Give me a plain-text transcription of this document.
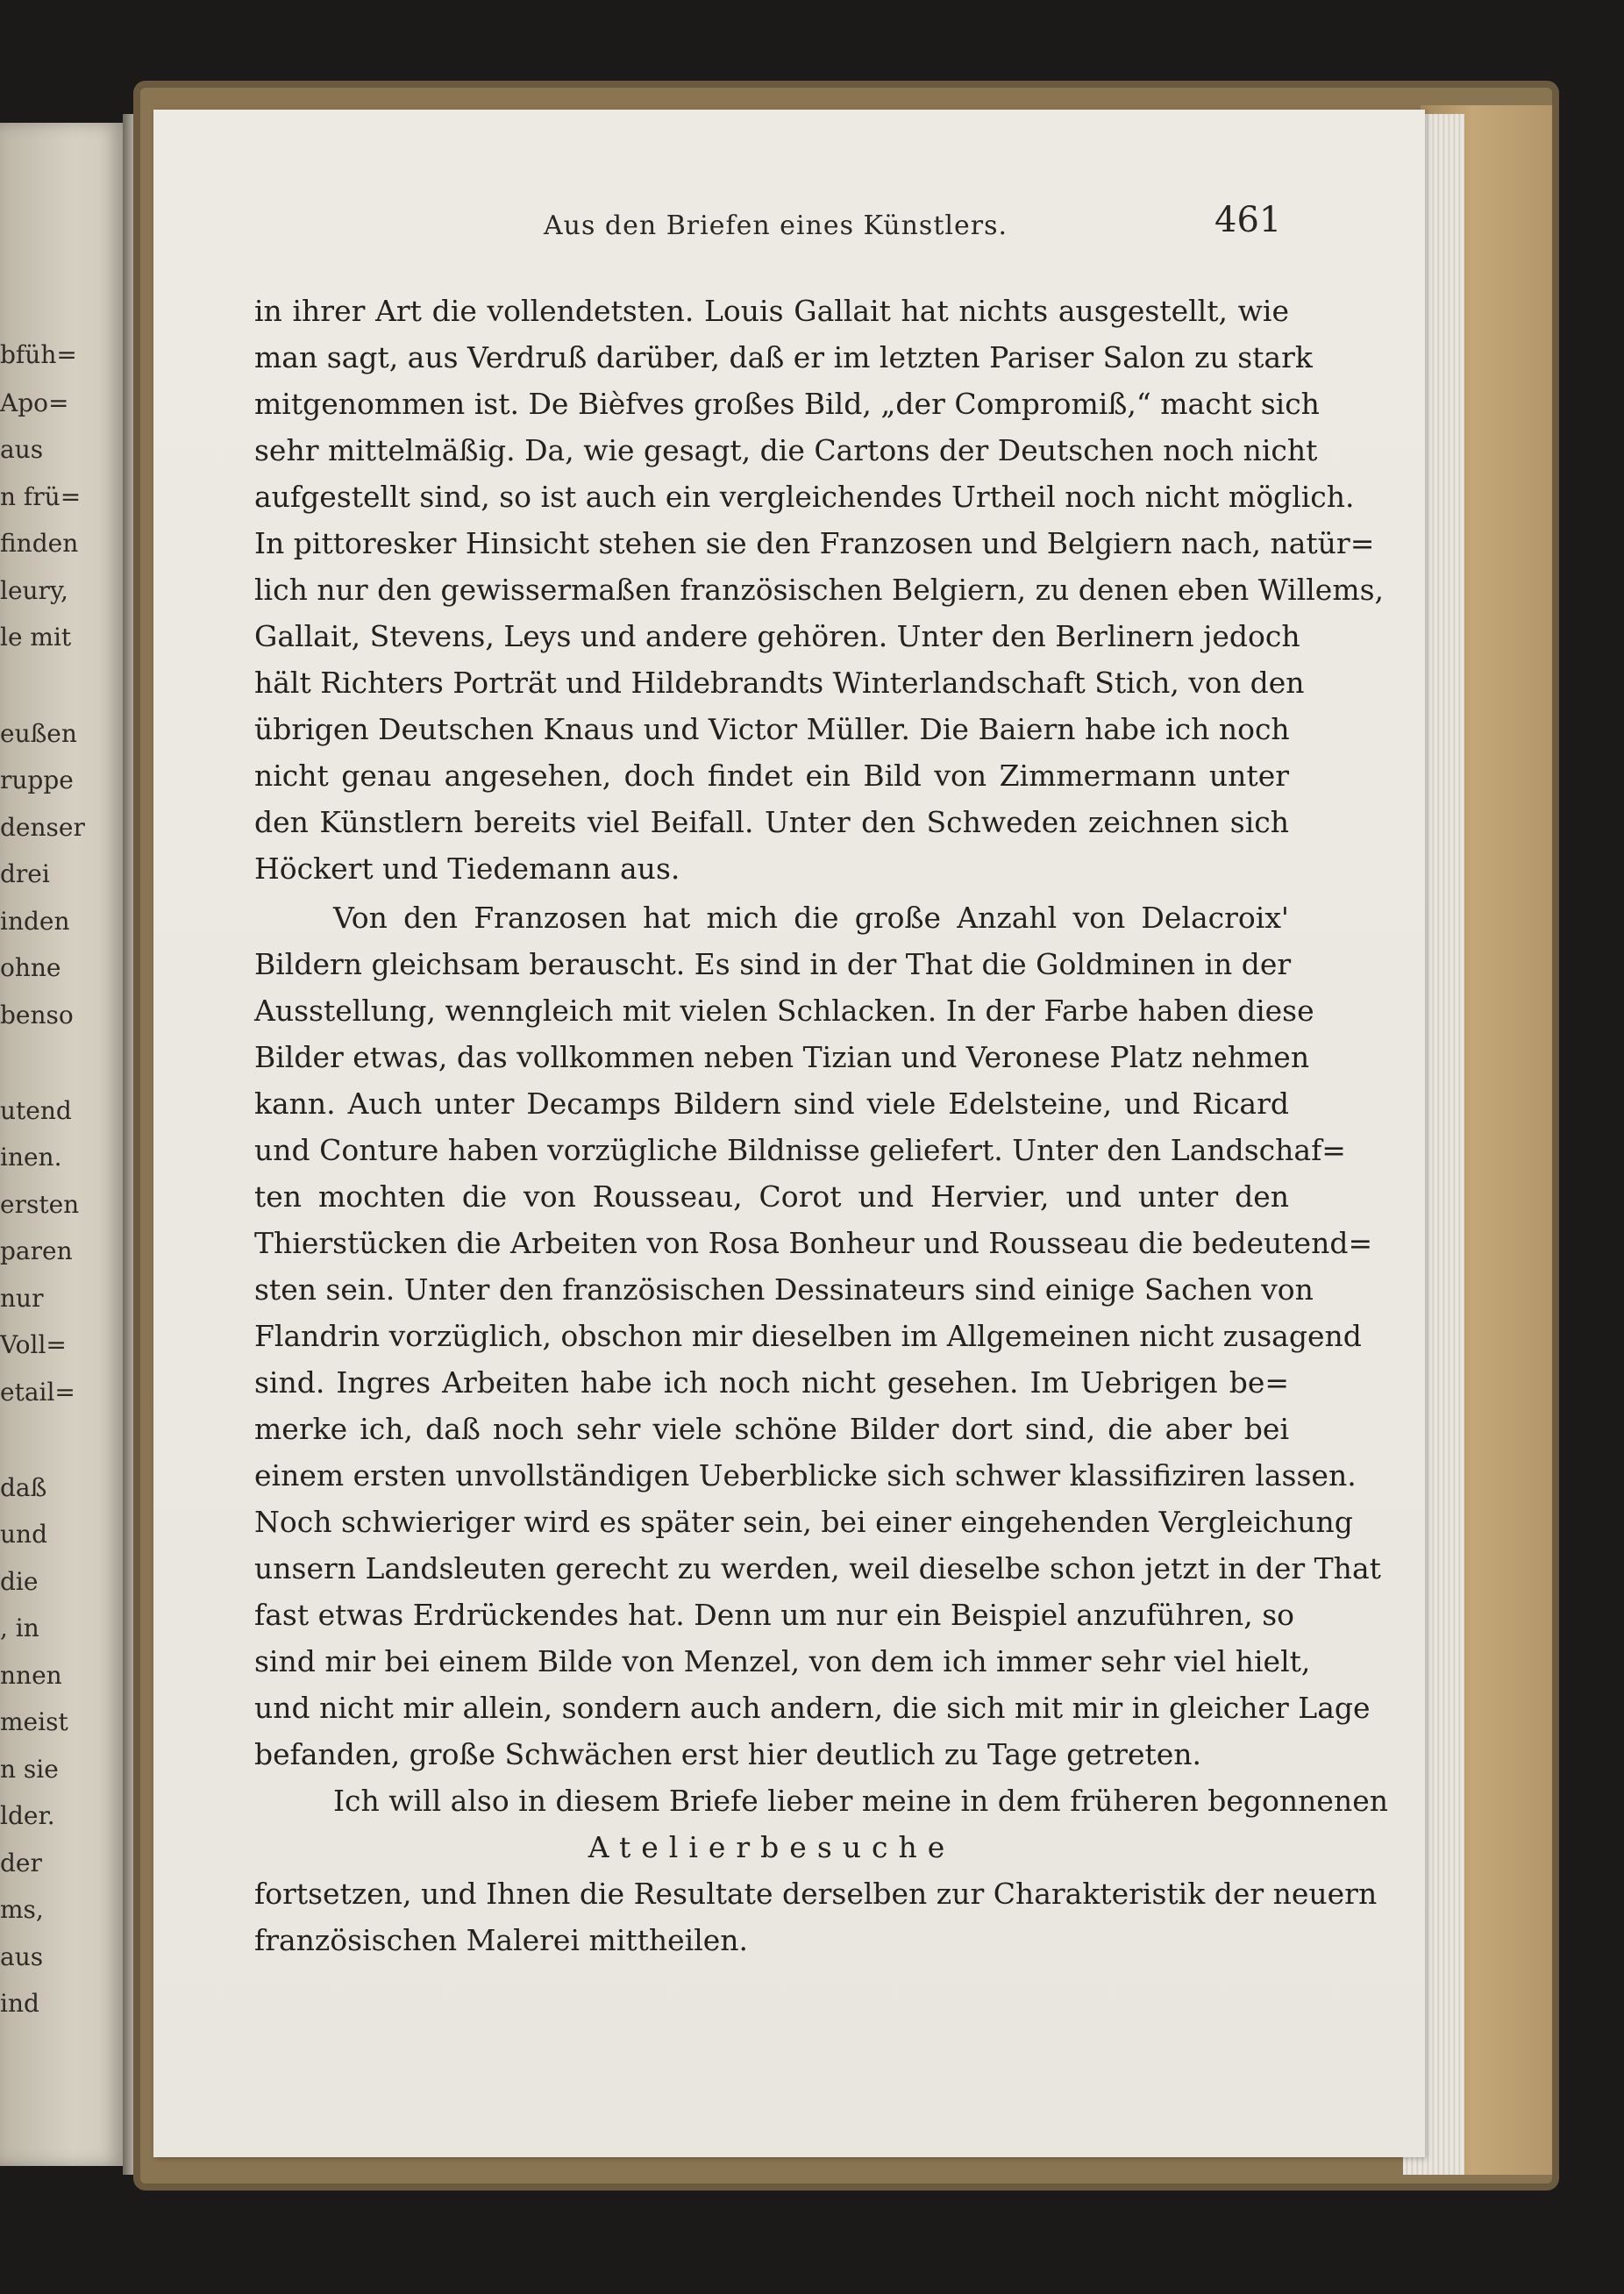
bfüh=
Apo=
aus
n frü=
finden
leury,
le mit
eußen
ruppe
denser
drei
inden
ohne
benso
utend
inen.
ersten
paren
nur
Voll=
etail=
daß
und
die
, in
nnen
meist
n sie
lder.
der
ms,
aus
ind
Aus den Briefen eines Künstlers.	461
in ihrer Art die vollendetsten. Louis Gallait hat nichts ausgestellt, wie
man sagt, aus Verdruß darüber, daß er im letzten Pariser Salon zu stark
mitgenommen ist. De Bièfves großes Bild, „der Compromiß,“ macht sich
sehr mittelmäßig. Da, wie gesagt, die Cartons der Deutschen noch nicht
aufgestellt sind, so ist auch ein vergleichendes Urtheil noch nicht möglich.
In pittoresker Hinsicht stehen sie den Franzosen und Belgiern nach, natür=
lich nur den gewissermaßen französischen Belgiern, zu denen eben Willems,
Gallait, Stevens, Leys und andere gehören. Unter den Berlinern jedoch
hält Richters Porträt und Hildebrandts Winterlandschaft Stich, von den
übrigen Deutschen Knaus und Victor Müller. Die Baiern habe ich noch
nicht genau angesehen, doch findet ein Bild von Zimmermann unter
den Künstlern bereits viel Beifall. Unter den Schweden zeichnen sich
Höckert und Tiedemann aus.
Von den Franzosen hat mich die große Anzahl von Delacroix'
Bildern gleichsam berauscht. Es sind in der That die Goldminen in der
Ausstellung, wenngleich mit vielen Schlacken. In der Farbe haben diese
Bilder etwas, das vollkommen neben Tizian und Veronese Platz nehmen
kann. Auch unter Decamps Bildern sind viele Edelsteine, und Ricard
und Conture haben vorzügliche Bildnisse geliefert. Unter den Landschaf=
ten mochten die von Rousseau, Corot und Hervier, und unter den
Thierstücken die Arbeiten von Rosa Bonheur und Rousseau die bedeutend=
sten sein. Unter den französischen Dessinateurs sind einige Sachen von
Flandrin vorzüglich, obschon mir dieselben im Allgemeinen nicht zusagend
sind. Ingres Arbeiten habe ich noch nicht gesehen. Im Uebrigen be=
merke ich, daß noch sehr viele schöne Bilder dort sind, die aber bei
einem ersten unvollständigen Ueberblicke sich schwer klassifiziren lassen.
Noch schwieriger wird es später sein, bei einer eingehenden Vergleichung
unsern Landsleuten gerecht zu werden, weil dieselbe schon jetzt in der That
fast etwas Erdrückendes hat. Denn um nur ein Beispiel anzuführen, so
sind mir bei einem Bilde von Menzel, von dem ich immer sehr viel hielt,
und nicht mir allein, sondern auch andern, die sich mit mir in gleicher Lage
befanden, große Schwächen erst hier deutlich zu Tage getreten.
Ich will also in diesem Briefe lieber meine in dem früheren begonnenen
Atelierbesuche
fortsetzen, und Ihnen die Resultate derselben zur Charakteristik der neuern
französischen Malerei mittheilen.
